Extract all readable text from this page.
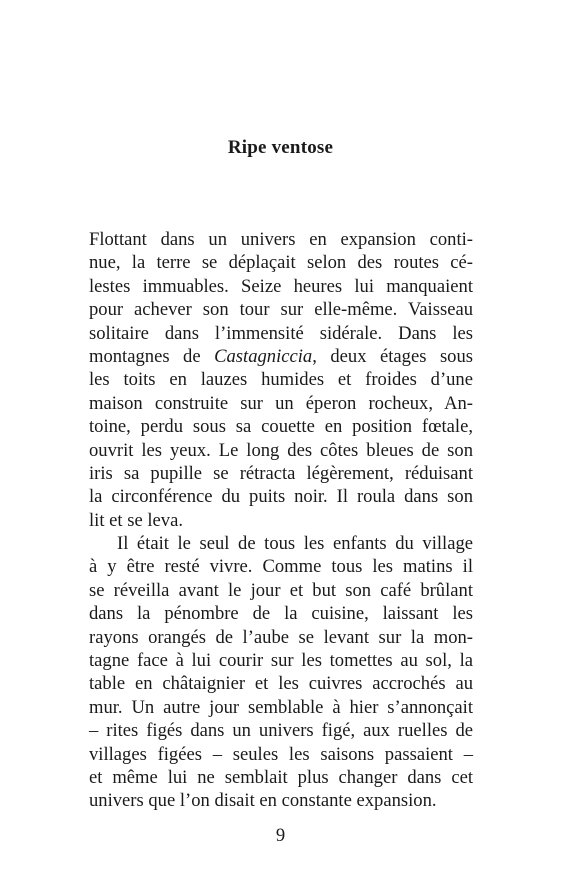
Ripe ventose
Flottant dans un univers en expansion conti-
nue, la terre se déplaçait selon des routes cé-
lestes immuables. Seize heures lui manquaient
pour achever son tour sur elle-même. Vaisseau
solitaire dans l’immensité sidérale. Dans les
montagnes de Castagniccia, deux étages sous
les toits en lauzes humides et froides d’une
maison construite sur un éperon rocheux, An-
toine, perdu sous sa couette en position fœtale,
ouvrit les yeux. Le long des côtes bleues de son
iris sa pupille se rétracta légèrement, réduisant
la circonférence du puits noir. Il roula dans son
lit et se leva.
Il était le seul de tous les enfants du village
à y être resté vivre. Comme tous les matins il
se réveilla avant le jour et but son café brûlant
dans la pénombre de la cuisine, laissant les
rayons orangés de l’aube se levant sur la mon-
tagne face à lui courir sur les tomettes au sol, la
table en châtaignier et les cuivres accrochés au
mur. Un autre jour semblable à hier s’annonçait
– rites figés dans un univers figé, aux ruelles de
villages figées – seules les saisons passaient –
et même lui ne semblait plus changer dans cet
univers que l’on disait en constante expansion.
9
